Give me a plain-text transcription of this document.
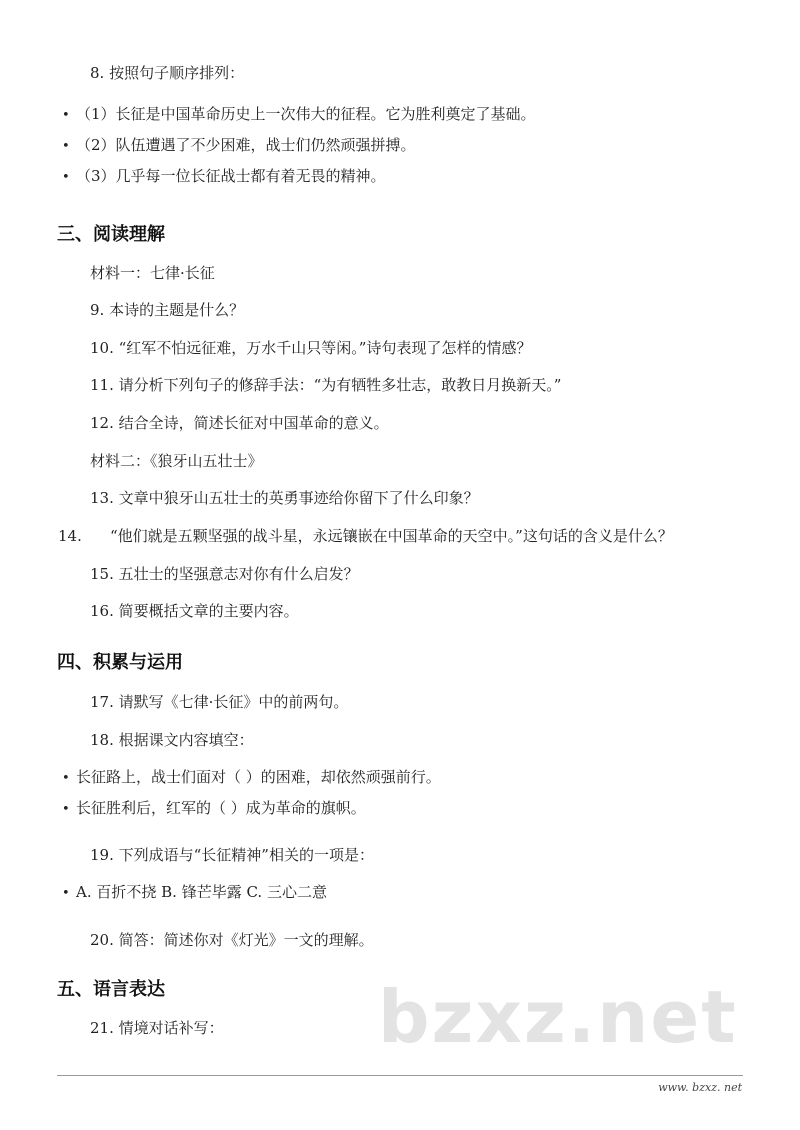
8. 按照句子顺序排列：
• （1）长征是中国革命历史上一次伟大的征程。它为胜利奠定了基础。
• （2）队伍遭遇了不少困难，战士们仍然顽强拼搏。
• （3）几乎每一位长征战士都有着无畏的精神。
三、阅读理解
材料一：七律·长征
9. 本诗的主题是什么？
10. “红军不怕远征难，万水千山只等闲。”诗句表现了怎样的情感？
11. 请分析下列句子的修辞手法：“为有牺牲多壮志，敢教日月换新天。”
12. 结合全诗，简述长征对中国革命的意义。
材料二：《狼牙山五壮士》
13. 文章中狼牙山五壮士的英勇事迹给你留下了什么印象？
14. “他们就是五颗坚强的战斗星，永远镶嵌在中国革命的天空中。”这句话的含义是什么？
15. 五壮士的坚强意志对你有什么启发？
16. 简要概括文章的主要内容。
四、积累与运用
17. 请默写《七律·长征》中的前两句。
18. 根据课文内容填空：
• 长征路上，战士们面对（ ）的困难，却依然顽强前行。
• 长征胜利后，红军的（ ）成为革命的旗帜。
19. 下列成语与“长征精神”相关的一项是：
• A. 百折不挠 B. 锋芒毕露 C. 三心二意
20. 简答：简述你对《灯光》一文的理解。
五、语言表达
21. 情境对话补写： bzxz.net
www. bzxz. net
